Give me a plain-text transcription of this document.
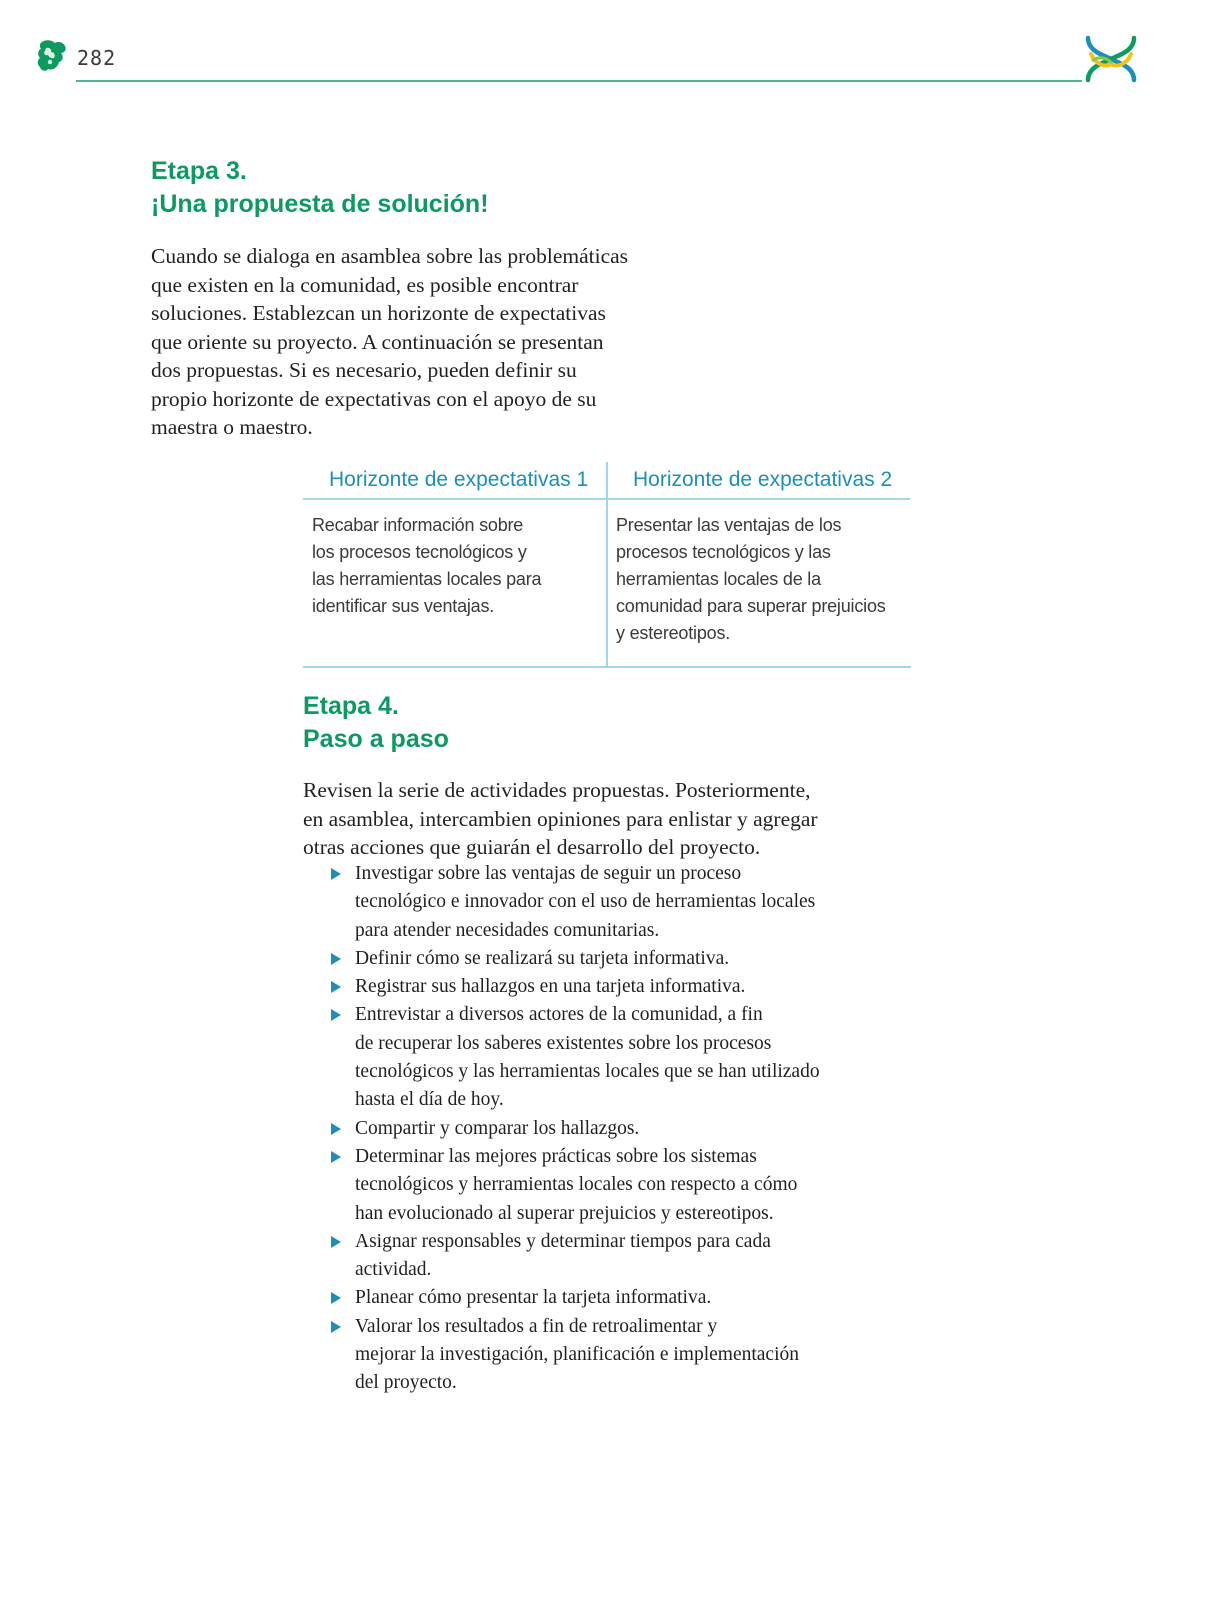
282
Etapa 3.
¡Una propuesta de solución!

Cuando se dialoga en asamblea sobre las problemáticas
que existen en la comunidad, es posible encontrar
soluciones. Establezcan un horizonte de expectativas
que oriente su proyecto. A continuación se presentan
dos propuestas. Si es necesario, pueden definir su
propio horizonte de expectativas con el apoyo de su
maestra o maestro.

Horizonte de expectativas 1

Recabar información sobre
los procesos tecnológicos y
las herramientas locales para
identificar sus ventajas.

Horizonte de expectativas 2

Presentar las ventajas de los
procesos tecnológicos y las
herramientas locales de la
comunidad para superar prejuicios
y estereotipos.

Etapa 4.
Paso a paso

Revisen la serie de actividades propuestas. Posteriormente,
en asamblea, intercambien opiniones para enlistar y agregar
otras acciones que guiarán el desarrollo del proyecto.

Investigar sobre las ventajas de seguir un proceso
tecnológico e innovador con el uso de herramientas locales
para atender necesidades comunitarias.
Definir cómo se realizará su tarjeta informativa.
Registrar sus hallazgos en una tarjeta informativa.
Entrevistar a diversos actores de la comunidad, a fin
de recuperar los saberes existentes sobre los procesos
tecnológicos y las herramientas locales que se han utilizado
hasta el día de hoy.
Compartir y comparar los hallazgos.
Determinar las mejores prácticas sobre los sistemas
tecnológicos y herramientas locales con respecto a cómo
han evolucionado al superar prejuicios y estereotipos.
Asignar responsables y determinar tiempos para cada
actividad.
Planear cómo presentar la tarjeta informativa.
Valorar los resultados a fin de retroalimentar y
mejorar la investigación, planificación e implementación
del proyecto.
